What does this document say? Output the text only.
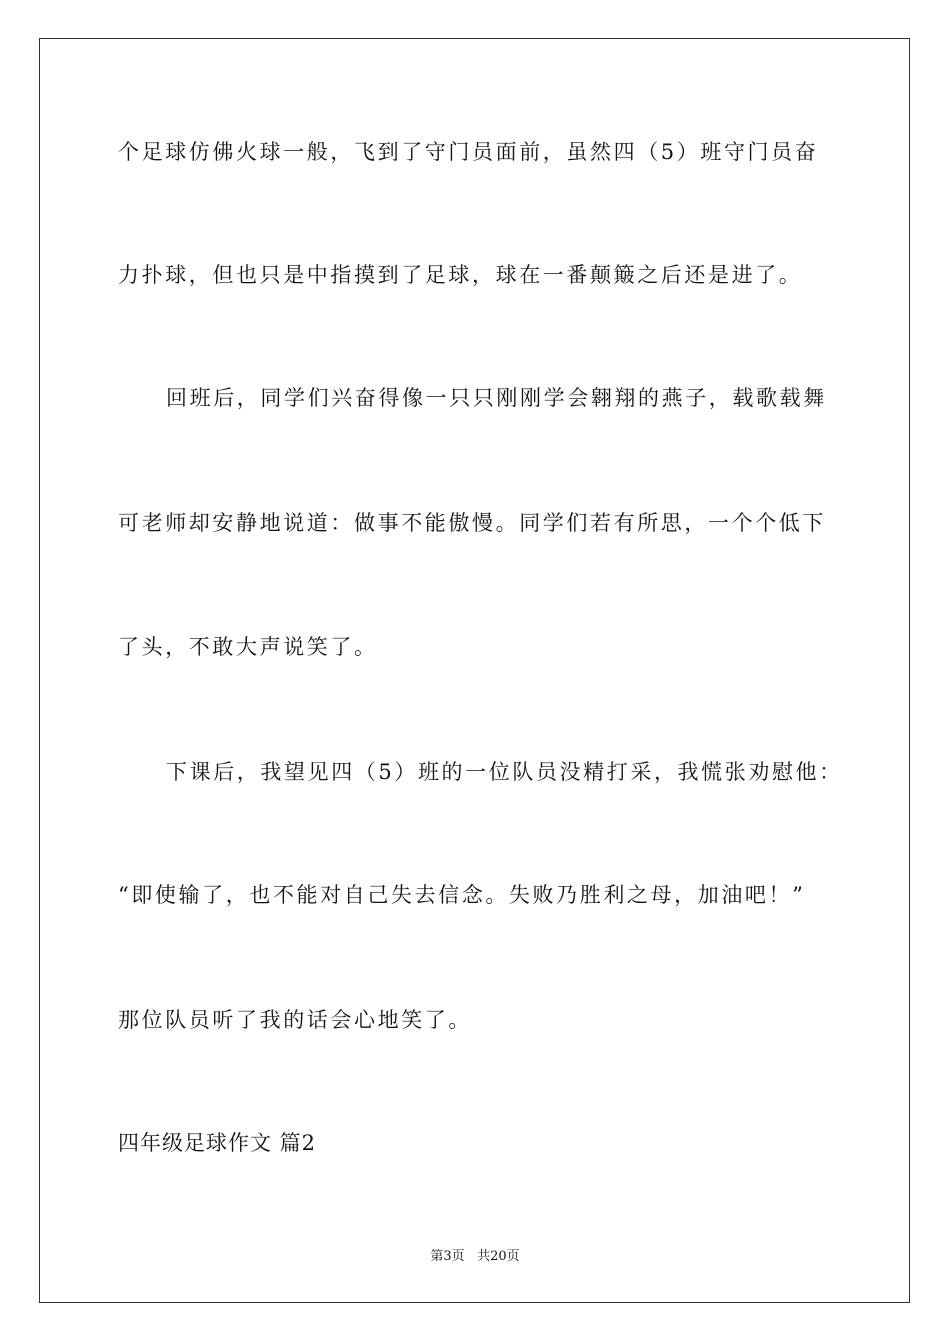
个足球仿佛火球一般，飞到了守门员面前，虽然四（5）班守门员奋
力扑球，但也只是中指摸到了足球，球在一番颠簸之后还是进了。
回班后，同学们兴奋得像一只只刚刚学会翱翔的燕子，载歌载舞
可老师却安静地说道：做事不能傲慢。同学们若有所思，一个个低下
了头，不敢大声说笑了。
下课后，我望见四（5）班的一位队员没精打采，我慌张劝慰他：
“即使输了，也不能对自己失去信念。失败乃胜利之母，加油吧！”
那位队员听了我的话会心地笑了。
四年级足球作文 篇2
第3页 共20页
